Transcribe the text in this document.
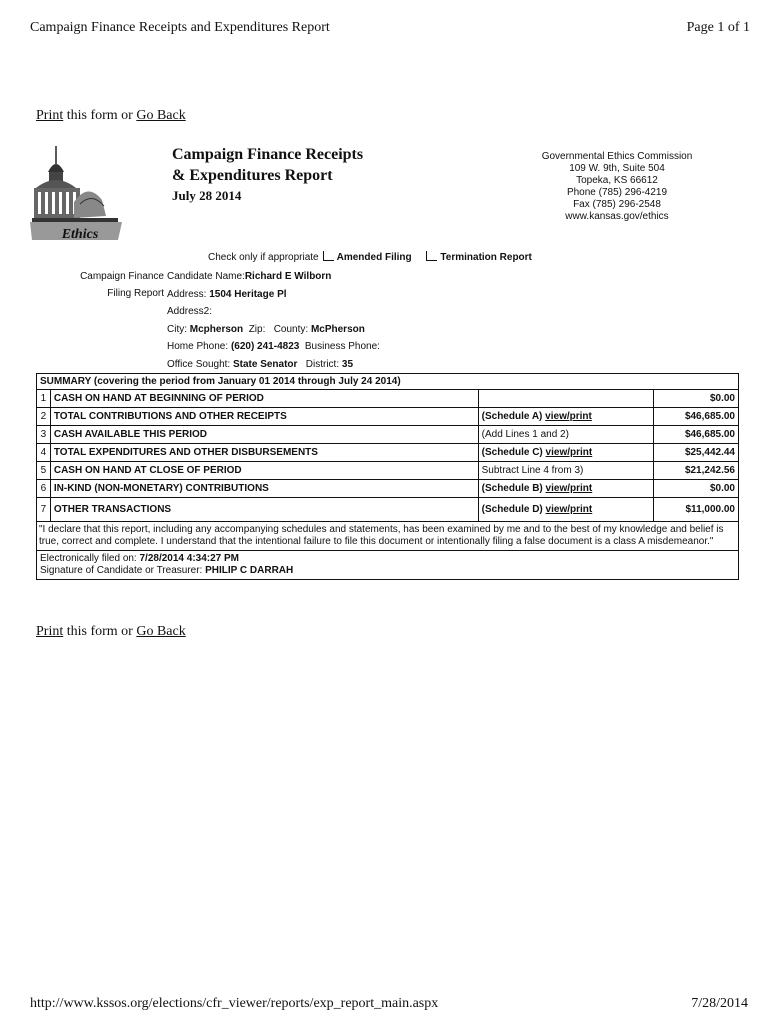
Campaign Finance Receipts and Expenditures Report	Page 1 of 1
Print this form or Go Back
Ethics
Campaign Finance Receipts
& Expenditures Report
July 28 2014
Governmental Ethics Commission
109 W. 9th, Suite 504
Topeka, KS 66612
Phone (785) 296-4219
Fax (785) 296-2548
www.kansas.gov/ethics
Check only if appropriate Amended Filing	Termination Report
Campaign Finance
Filing Report
Candidate Name:Richard E Wilborn
Address: 1504 Heritage Pl
Address2:
City: Mcpherson Zip: County: McPherson
Home Phone: (620) 241-4823 Business Phone:
Office Sought: State Senator District: 35
SUMMARY (covering the period from January 01 2014 through July 24 2014)			
1	CASH ON HAND AT BEGINNING OF PERIOD		$0.00
2	TOTAL CONTRIBUTIONS AND OTHER RECEIPTS	(Schedule A) view/print	$46,685.00
3	CASH AVAILABLE THIS PERIOD	(Add Lines 1 and 2)	$46,685.00
4	TOTAL EXPENDITURES AND OTHER DISBURSEMENTS	(Schedule C) view/print	$25,442.44
5	CASH ON HAND AT CLOSE OF PERIOD	Subtract Line 4 from 3)	$21,242.56
6	IN-KIND (NON-MONETARY) CONTRIBUTIONS	(Schedule B) view/print	$0.00
7	OTHER TRANSACTIONS	(Schedule D) view/print	$11,000.00
"I declare that this report, including any accompanying schedules and statements, has been examined by me and to the best of my knowledge and belief is true, correct and complete. I understand that the intentional failure to file this document or intentionally filing a false document is a class A misdemeanor."			

Electronically filed on: 7/28/2014 4:34:27 PM
Signature of Candidate or Treasurer: PHILIP C DARRAH			
Print this form or Go Back
http://www.kssos.org/elections/cfr_viewer/reports/exp_report_main.aspx	7/28/2014
